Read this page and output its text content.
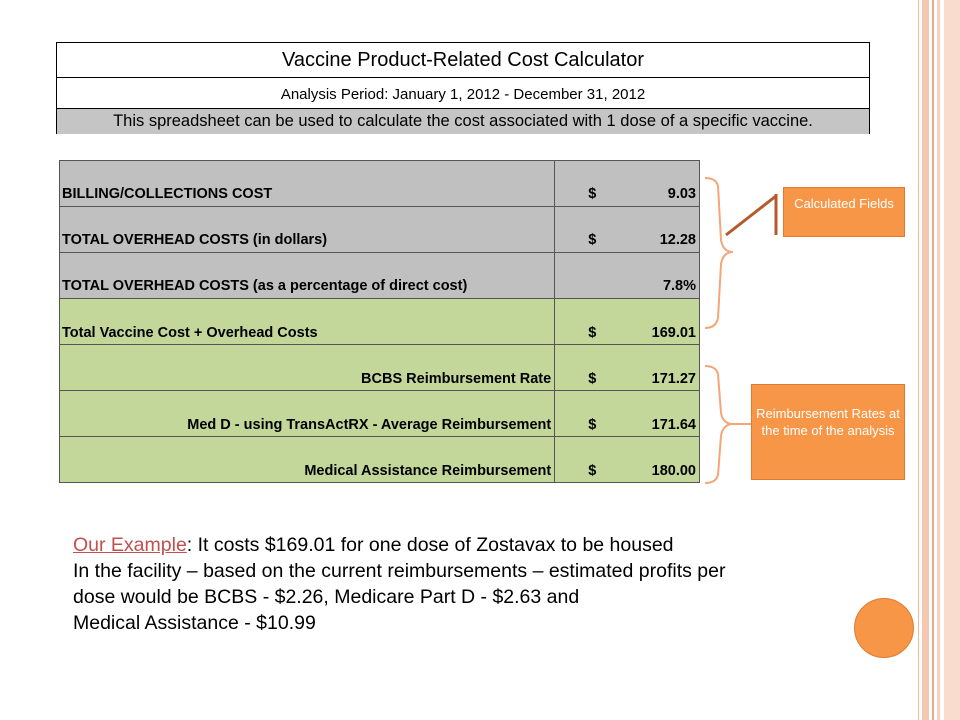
Vaccine Product-Related Cost Calculator
Analysis Period: January 1, 2012 - December 31, 2012
This spreadsheet can be used to calculate the cost associated with 1 dose of a specific vaccine.
BILLING/COLLECTIONS COST	$ 9.03

TOTAL OVERHEAD COSTS (in dollars)	$ 12.28

TOTAL OVERHEAD COSTS (as a percentage of direct cost)	7.8%

Total Vaccine Cost + Overhead Costs	$ 169.01

BCBS Reimbursement Rate	$ 171.27

Med D - using TransActRX - Average Reimbursement	$ 171.64

Medical Assistance Reimbursement	$ 180.00
Calculated Fields
Reimbursement Rates at the time of the analysis
Our Example: It costs $169.01 for one dose of Zostavax to be housed
In the facility – based on the current reimbursements – estimated profits per
dose would be BCBS - $2.26, Medicare Part D - $2.63 and
Medical Assistance - $10.99
